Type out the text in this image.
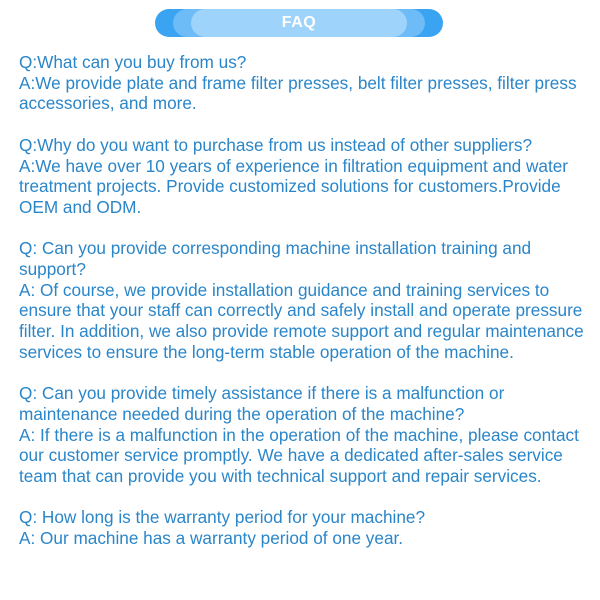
FAQ

Q:What can you buy from us?

A:We provide plate and frame filter presses, belt filter presses, filter press accessories, and more.

Q:Why do you want to purchase from us instead of other suppliers?

A:We have over 10 years of experience in filtration equipment and water treatment projects. Provide customized solutions for customers.Provide OEM and ODM.

Q: Can you provide corresponding machine installation training and support?

A: Of course, we provide installation guidance and training services to ensure that your staff can correctly and safely install and operate pressure filter. In addition, we also provide remote support and regular maintenance services to ensure the long-term stable operation of the machine.

Q: Can you provide timely assistance if there is a malfunction or maintenance needed during the operation of the machine?

A: If there is a malfunction in the operation of the machine, please contact our customer service promptly. We have a dedicated after-sales service team that can provide you with technical support and repair services.

Q: How long is the warranty period for your machine?

A: Our machine has a warranty period of one year.
